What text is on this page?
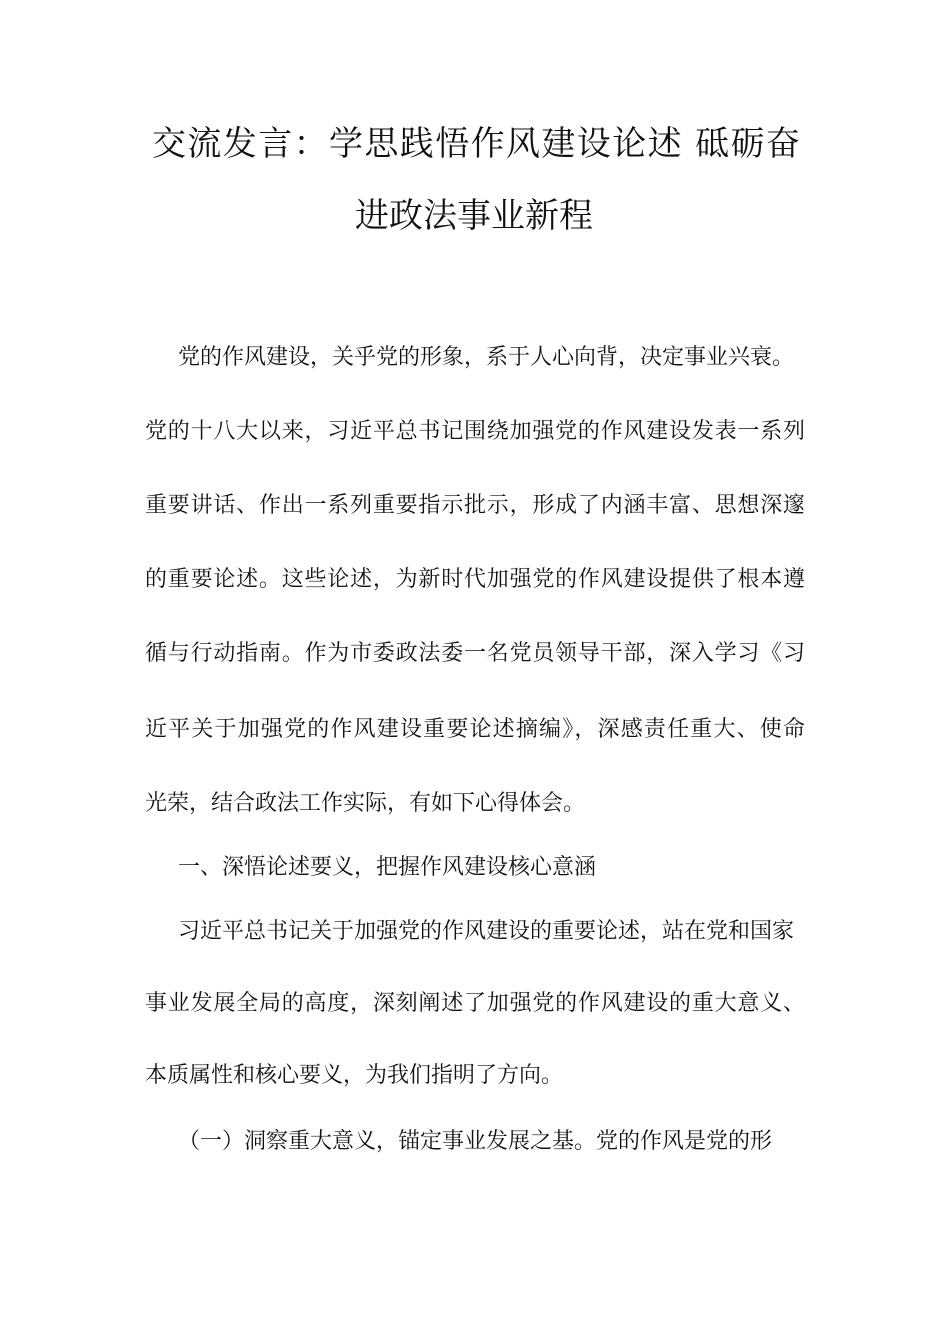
交流发言：学思践悟作风建设论述 砥砺奋
进政法事业新程
党的作风建设，关乎党的形象，系于人心向背，决定事业兴衰。
党的十八大以来，习近平总书记围绕加强党的作风建设发表一系列
重要讲话、作出一系列重要指示批示，形成了内涵丰富、思想深邃
的重要论述。这些论述，为新时代加强党的作风建设提供了根本遵
循与行动指南。作为市委政法委一名党员领导干部，深入学习《习
近平关于加强党的作风建设重要论述摘编》，深感责任重大、使命
光荣，结合政法工作实际，有如下心得体会。
一、深悟论述要义，把握作风建设核心意涵
习近平总书记关于加强党的作风建设的重要论述，站在党和国家
事业发展全局的高度，深刻阐述了加强党的作风建设的重大意义、
本质属性和核心要义，为我们指明了方向。
（一）洞察重大意义，锚定事业发展之基。党的作风是党的形
